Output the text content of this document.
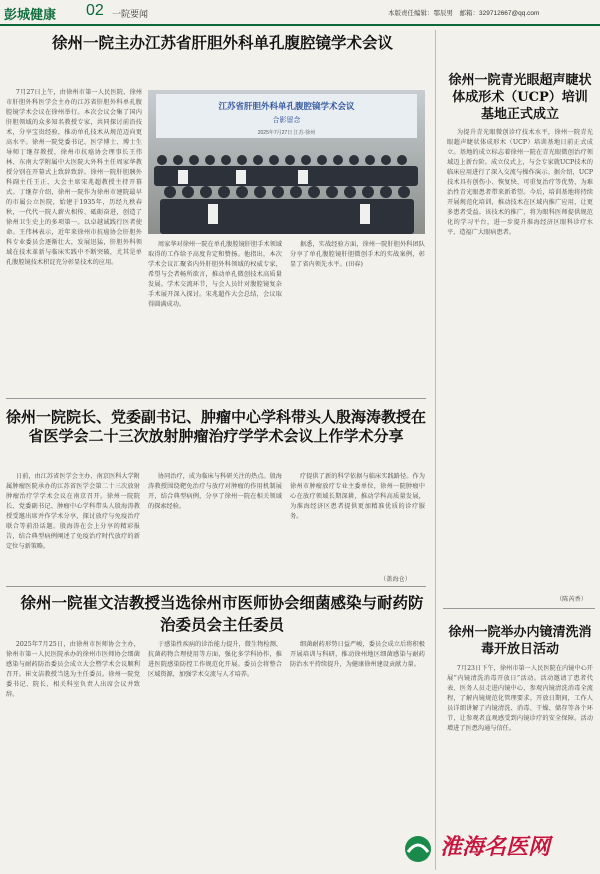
彭城健康 02 一院要闻	本版责任编辑：鄂辰男　邮箱：329712667@qq.com
徐州一院主办江苏省肝胆外科单孔腹腔镜学术会议
7月27日上午，由徐州市第一人民医院、徐州市肝胆外科医学会主办的江苏省肝胆外科单孔腹腔镜学术会议在徐州举行。本次会议会集了国内肝胆领域的众多知名教授专家，共同探讨前沿技术，分享宝贵经验，推动单孔技术从规范迈向更高水平。徐州一院党委书记、医学博士、博士生导师丁继存教授，徐州市抗癌协会理事长王伟林、东南大学附属中大医院大外科主任周家华教授分别在开幕式上致辞致辞。徐州一院肝胆胰外科副主任王正、大会主席宋兆超教授主持开幕式。丁继存介绍，徐州一院作为徐州市建院最早的市属公立医院，始建于1935年，历经九秩春秋，一代代一院人薪火相传、砥砺奋进，创造了徐州卫生史上的多项第一。以卓越诚践行医者使命。王伟林表示，近年来徐州市抗癌协会肝胆外科专业委员会逐渐壮大，发展迅猛，肝胆外科领域在技术革新与临床实践中不断突破，尤其是单孔腹腔镜技术积淀充分彰显技术的应用。
江苏省肝胆外科单孔腹腔镜学术会议
合影留念
2025年7月27日 江苏·徐州
周家华对徐州一院在单孔腹腔镜肝胆手术领域取得的工作给予高度肯定和赞扬。他指出，本次学术会议汇聚省内外肝胆外科领域的权威专家，希望与会者畅所欲言，推动单孔微创技术高质量发展。学术交流环节，与会人员针对腹腔镜复杂手术展开深入探讨。宋兆超作大会总结，会议取得圆满成功。
据悉，实战经验方面，徐州一院肝胆外科团队分享了单孔腹腔镜肝胆微创手术的实战案例，彰显了省内领先水平。(田春)
徐州一院院长、党委副书记、肿瘤中心学科带头人殷海涛教授在省医学会二十三次放射肿瘤治疗学学术会议上作学术分享
日前，由江苏省医学会主办、南京医科大学附属肿瘤医院承办的江苏省医学会第二十三次放射肿瘤治疗学学术会议在南京召开。徐州一院院长、党委副书记、肿瘤中心学科带头人殷海涛教授受邀出席并作学术分享，探讨放疗与免疫治疗联合等前沿话题。殷海涛在会上分享的精彩报告，结合典型病例阐述了免疫治疗时代放疗的新定位与新策略。
协同治疗，成为临床与科研关注的热点。殷海涛教授围绕靶免治疗与放疗对肿瘤的作用机制展开，结合典型病例，分享了徐州一院在相关领域的探索经验。
疗提供了新的科学依据与临床实践路径。作为徐州市肿瘤放疗专业主委单位，徐州一院肿瘤中心在放疗领域长期深耕，推动学科高质量发展，为淮海经济区患者提供更加精准优质的诊疗服务。
（盖海仓）
徐州一院崔文洁教授当选徐州市医师协会细菌感染与耐药防治委员会主任委员
2025年7月25日，由徐州市医师协会主办，徐州市第一人民医院承办的徐州市医师协会细菌感染与耐药防治委员会成立大会暨学术会议顺利召开。崔文洁教授当选为主任委员。徐州一院党委书记、院长、相关科室负责人出席会议并致辞。
于感染性疾病的诊治能力提升，微生物检测、抗菌药物合理使用等方面，强化多学科协作，推进医院感染防控工作规范化开展。委员会将整合区域资源，加强学术交流与人才培养。
细菌耐药形势日益严峻，委员会成立后将积极开展培训与科研，推动徐州地区细菌感染与耐药防治水平持续提升，为健康徐州建设贡献力量。
徐州一院青光眼超声睫状体成形术（UCP）培训基地正式成立
为提升青光眼微创诊疗技术水平，徐州一院青光眼超声睫状体成形术（UCP）培训基地日前正式成立。基地的成立标志着徐州一院在青光眼微创治疗领域迈上新台阶。成立仪式上，与会专家就UCP技术的临床应用进行了深入交流与操作演示。据介绍，UCP技术具有创伤小、恢复快、可重复治疗等优势，为难治性青光眼患者带来新希望。今后，培训基地将持续开展规范化培训，推动技术在区域内推广应用，让更多患者受益。该技术的推广，将为眼科医师提供规范化的学习平台，进一步提升淮海经济区眼科诊疗水平，造福广大眼病患者。
（陈芮香）
徐州一院举办内镜清洗消毒开放日活动
7月23日下午，徐州市第一人民医院在内镜中心开展“内镜清洗消毒开放日”活动。活动邀请了患者代表、医务人员走进内镜中心，参观内镜清洗消毒全流程，了解内镜规范化管理要求。开放日期间，工作人员详细讲解了内镜清洗、消毒、干燥、储存等各个环节，让参观者直观感受到内镜诊疗的安全保障。活动增进了医患沟通与信任。
淮海名医网
